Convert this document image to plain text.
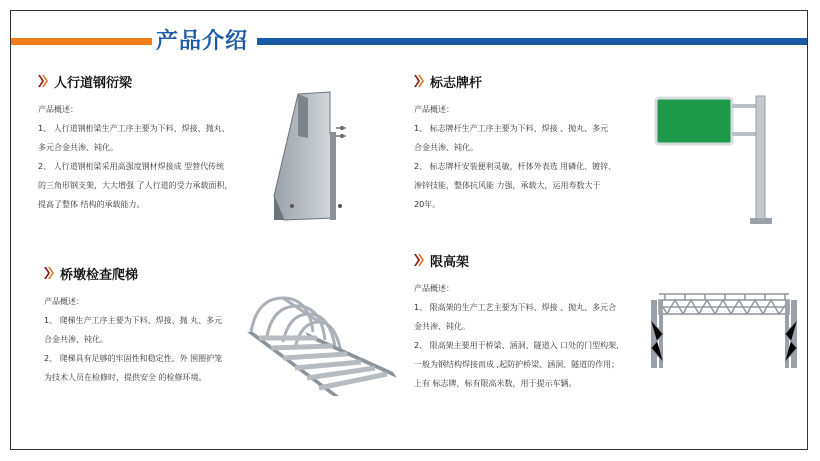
产品介绍
人行道钢衍梁

产品概述：

1、 人行道钢桁梁生产工序主要为下料、焊接、抛丸、

多元合金共渗、钝化。

2、 人行道钢桁梁采用高强度钢材焊接成 型替代传统

的三角形钢支架，大大增强 了人行道的受力承载面积，

提高了整体 结构的承载能力。

标志牌杆

产品概述：

1、 标志牌杆生产工序主要为下料、焊接 、抛丸、多元

合金共渗、钝化。

2、 标志牌杆安装便利灵敏，杆体外表选 用磷化、镀锌、

渗锌技能，整体抗风能 力强，承载大，运用寿数大于

20年。

桥墩检查爬梯

产品概述：

1、 爬梯生产工序主要为下料、焊接、抛 丸、多元

合金共渗、钝化。

2、 爬梯具有足够的牢固性和稳定性，外 围圈护笼

为技术人员在检修时，提供安全 的检修环境。

限高架

产品概述：

1、 限高架的生产工艺主要为下料、焊接 、抛丸、多元合

金共渗、钝化。

2、 限高架主要用于桥梁、涵洞、隧道入 口处的门型构架,

一般为钢结构焊接而成 ,起防护桥梁、涵洞、隧道的作用；

上有 标志牌，标有限高米数，用于提示车辆。
